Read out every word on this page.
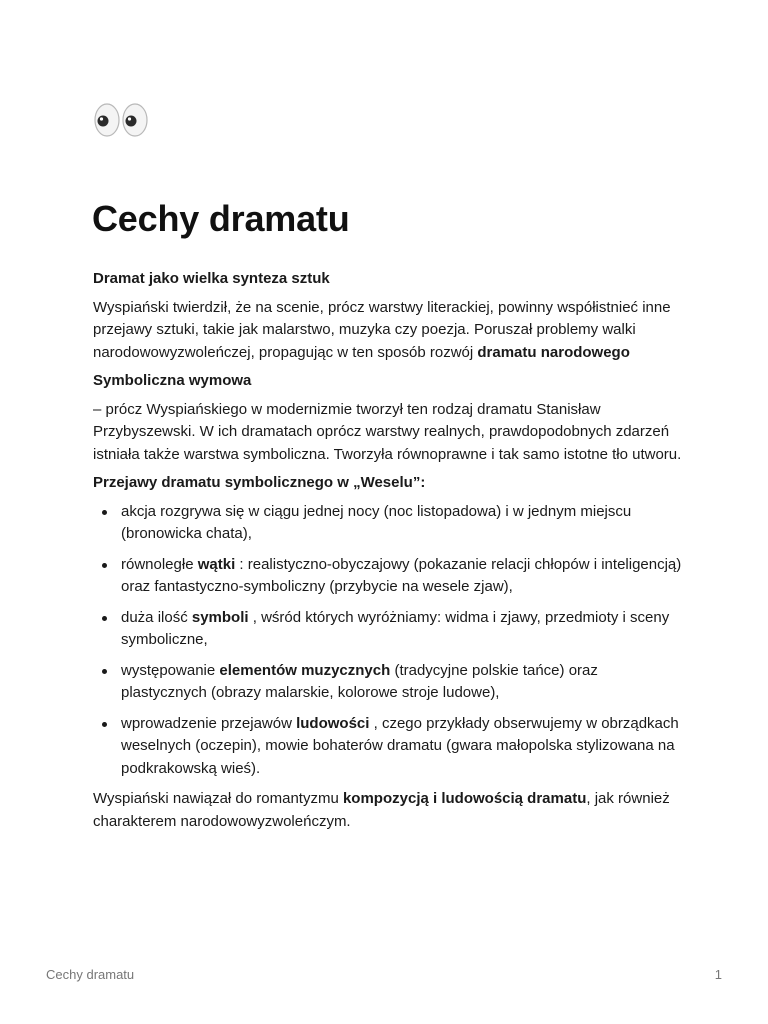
Cechy dramatu

Dramat jako wielka synteza sztuk

Wyspiański twierdził, że na scenie, prócz warstwy literackiej, powinny współistnieć inne przejawy sztuki, takie jak malarstwo, muzyka czy poezja. Poruszał problemy walki narodowowyzwoleńczej, propagując w ten sposób rozwój dramatu narodowego

Symboliczna wymowa

– prócz Wyspiańskiego w modernizmie tworzył ten rodzaj dramatu Stanisław Przybyszewski. W ich dramatach oprócz warstwy realnych, prawdopodobnych zdarzeń istniała także warstwa symboliczna. Tworzyła równoprawne i tak samo istotne tło utworu.

Przejawy dramatu symbolicznego w „Weselu”:

akcja rozgrywa się w ciągu jednej nocy (noc listopadowa) i w jednym miejscu (bronowicka chata),
równoległe wątki : realistyczno-obyczajowy (pokazanie relacji chłopów i inteligencją) oraz fantastyczno-symboliczny (przybycie na wesele zjaw),
duża ilość symboli , wśród których wyróżniamy: widma i zjawy, przedmioty i sceny symboliczne,
występowanie elementów muzycznych (tradycyjne polskie tańce) oraz plastycznych (obrazy malarskie, kolorowe stroje ludowe),
wprowadzenie przejawów ludowości , czego przykłady obserwujemy w obrządkach weselnych (oczepin), mowie bohaterów dramatu (gwara małopolska stylizowana na podkrakowską wieś).

Wyspiański nawiązał do romantyzmu kompozycją i ludowością dramatu, jak również charakterem narodowowyzwoleńczym.

Cechy dramatu	1
